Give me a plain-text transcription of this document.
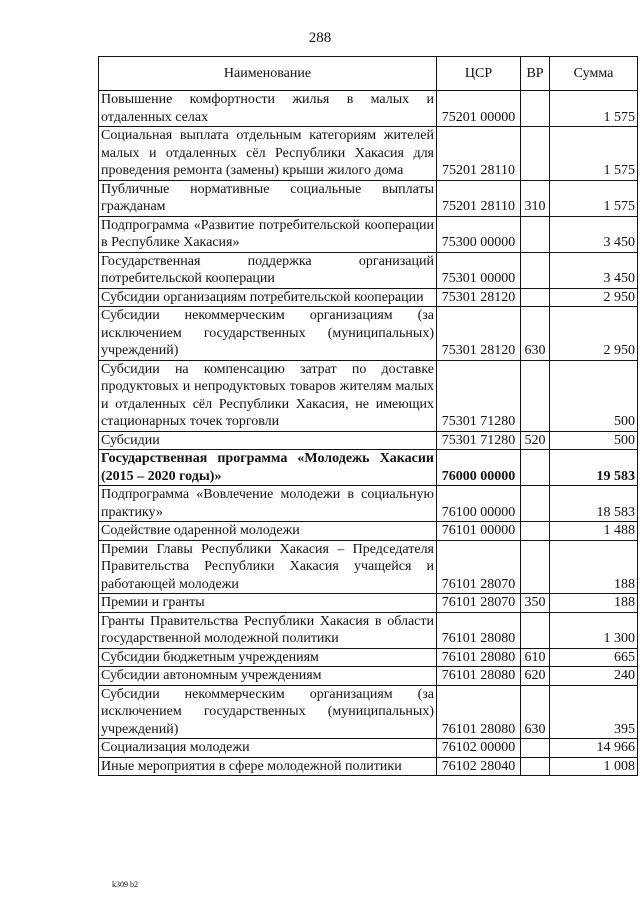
288
Наименование	ЦСР	ВР	Сумма
Повышение комфортности жилья в малых и отдаленных селах	75201 00000		1 575
Социальная выплата отдельным категориям жителей малых и отдаленных сёл Республики Хакасия для проведения ремонта (замены) крыши жилого дома	75201 28110		1 575
Публичные нормативные социальные выплаты гражданам	75201 28110	310	1 575
Подпрограмма «Развитие потребительской кооперации в Республике Хакасия»	75300 00000		3 450
Государственная поддержка организаций потребительской кооперации	75301 00000		3 450
Субсидии организациям потребительской кооперации	75301 28120		2 950
Субсидии некоммерческим организациям (за исключением государственных (муниципальных) учреждений)	75301 28120	630	2 950
Субсидии на компенсацию затрат по доставке продуктовых и непродуктовых товаров жителям малых и отдаленных сёл Республики Хакасия, не имеющих стационарных точек торговли	75301 71280		500
Субсидии	75301 71280	520	500
Государственная программа «Молодежь Хакасии (2015 – 2020 годы)»	76000 00000		19 583
Подпрограмма «Вовлечение молодежи в социальную практику»	76100 00000		18 583
Содействие одаренной молодежи	76101 00000		1 488
Премии Главы Республики Хакасия – Председателя Правительства Республики Хакасия учащейся и работающей молодежи	76101 28070		188
Премии и гранты	76101 28070	350	188
Гранты Правительства Республики Хакасия в области государственной молодежной политики	76101 28080		1 300
Субсидии бюджетным учреждениям	76101 28080	610	665
Субсидии автономным учреждениям	76101 28080	620	240
Субсидии некоммерческим организациям (за исключением государственных (муниципальных) учреждений)	76101 28080	630	395
Социализация молодежи	76102 00000		14 966
Иные мероприятия в сфере молодежной политики	76102 28040		1 008
k309 b2
